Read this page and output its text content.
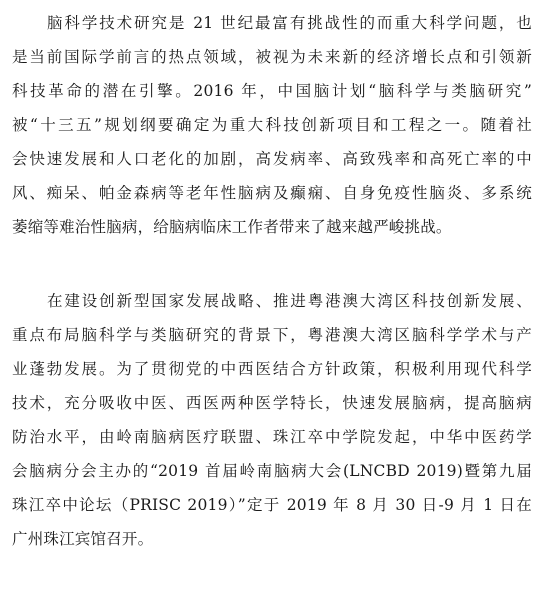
脑科学技术研究是 21 世纪最富有挑战性的而重大科学问题，也
是当前国际学前言的热点领域，被视为未来新的经济增长点和引领新
科技革命的潜在引擎。2016 年，中国脑计划“脑科学与类脑研究”
被“十三五”规划纲要确定为重大科技创新项目和工程之一。随着社
会快速发展和人口老化的加剧，高发病率、高致残率和高死亡率的中
风、痴呆、帕金森病等老年性脑病及癫痫、自身免疫性脑炎、多系统
萎缩等难治性脑病，给脑病临床工作者带来了越来越严峻挑战。
在建设创新型国家发展战略、推进粤港澳大湾区科技创新发展、
重点布局脑科学与类脑研究的背景下，粤港澳大湾区脑科学学术与产
业蓬勃发展。为了贯彻党的中西医结合方针政策，积极利用现代科学
技术，充分吸收中医、西医两种医学特长，快速发展脑病，提高脑病
防治水平，由岭南脑病医疗联盟、珠江卒中学院发起，中华中医药学
会脑病分会主办的“2019 首届岭南脑病大会(LNCBD 2019)暨第九届
珠江卒中论坛（PRISC 2019）”定于 2019 年 8 月 30 日-9 月 1 日在
广州珠江宾馆召开。
